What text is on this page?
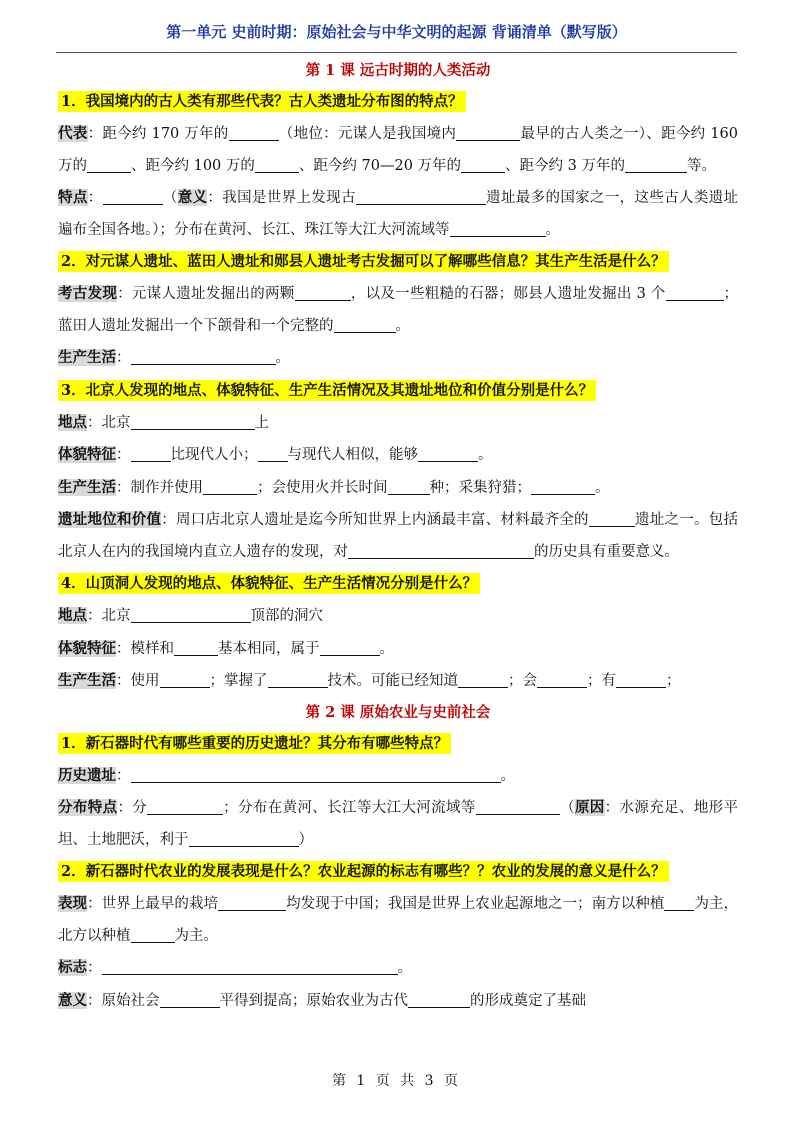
第一单元 史前时期：原始社会与中华文明的起源 背诵清单（默写版）
第 1 课 远古时期的人类活动
1．我国境内的古人类有那些代表？古人类遗址分布图的特点？
代表：距今约 170 万年的	（地位：元谋人是我国境内	最早的古人类之一）、距今约 160 万的	、距今约 100 万的	、距今约 70—20 万年的	、距今约 3 万年的	等。
特点：	（意义：我国是世界上发现古	遗址最多的国家之一，这些古人类遗址遍布全国各地。）；分布在黄河、长江、珠江等大江大河流域等	。
2．对元谋人遗址、蓝田人遗址和郧县人遗址考古发掘可以了解哪些信息？其生产生活是什么？
考古发现：元谋人遗址发掘出的两颗	，以及一些粗糙的石器；郧县人遗址发掘出 3 个	；蓝田人遗址发掘出一个下颌骨和一个完整的	。
生产生活：	。
3．北京人发现的地点、体貌特征、生产生活情况及其遗址地位和价值分别是什么？
地点：北京	上
体貌特征：	比现代人小； 与现代人相似，能够	。
生产生活：制作并使用	；会使用火并长时间	种；采集狩猎；	。
遗址地位和价值：周口店北京人遗址是迄今所知世界上内涵最丰富、材料最齐全的	遗址之一。包括北京人在内的我国境内直立人遗存的发现，对	的历史具有重要意义。
4．山顶洞人发现的地点、体貌特征、生产生活情况分别是什么？
地点：北京	顶部的洞穴
体貌特征：模样和	基本相同，属于	。
生产生活：使用	；掌握了	技术。可能已经知道	；会	；有	；
第 2 课 原始农业与史前社会
1．新石器时代有哪些重要的历史遗址？其分布有哪些特点？
历史遗址：	。
分布特点：分	；分布在黄河、长江等大江大河流域等	（原因：水源充足、地形平坦、土地肥沃，利于	）
2．新石器时代农业的发展表现是什么？农业起源的标志有哪些？？农业的发展的意义是什么？
表现：世界上最早的栽培	均发现于中国；我国是世界上农业起源地之一；南方以种植 为主，北方以种植	为主。
标志：	。
意义：原始社会	平得到提高；原始农业为古代	的形成奠定了基础
第 1 页 共 3 页
